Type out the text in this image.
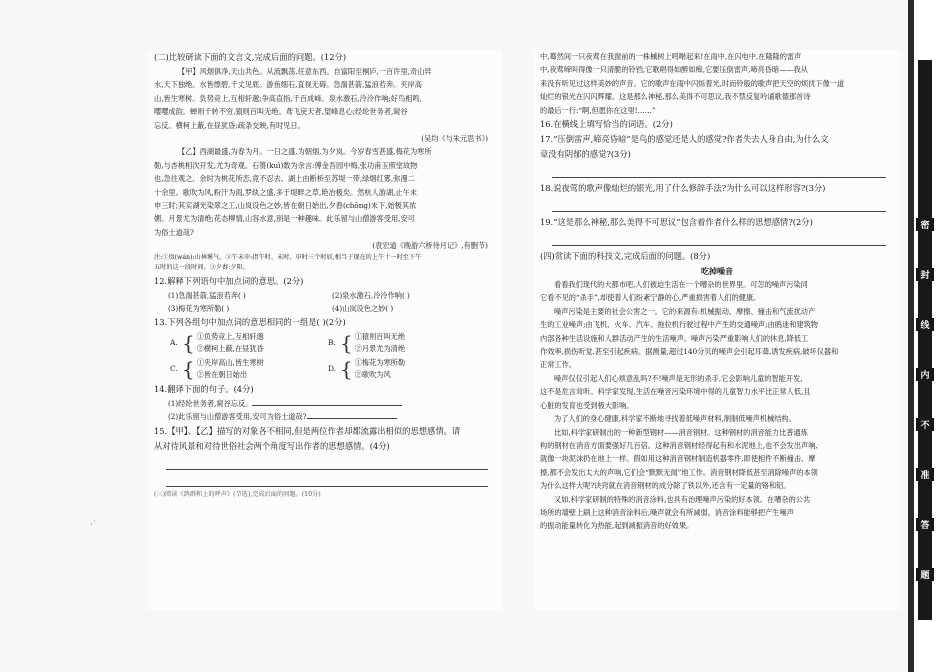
(二)比较研读下面的文言文,完成后面的问题。(12分)
【甲】风烟俱净,天山共色。从流飘荡,任意东西。自富阳至桐庐,一百许里,奇山异
水,天下独绝。水皆缥碧,千丈见底。游鱼细石,直视无碍。急湍甚箭,猛浪若奔。夹岸高
山,皆生寒树。负势竞上,互相轩邈;争高直指,千百成峰。泉水激石,泠泠作响;好鸟相鸣,
嘤嘤成韵。蝉则千转不穷,猿则百叫无绝。鸢飞戾天者,望峰息心;经纶世务者,窥谷
忘反。横柯上蔽,在昼犹昏;疏条交映,有时见日。
(吴均《与朱元思书》)
【乙】西湖最盛,为春为月。一日之盛,为朝烟,为夕岚。今岁春雪甚盛,梅花为寒所
勒,与杏桃相次开发,尤为奇观。石篑(kuì)数为余言:傅金吾园中梅,张功甫玉照堂故物
也,急往观之。余时为桃花所恋,竟不忍去。湖上由断桥至苏堤一带,绿烟红雾,弥漫二
十余里。歌吹为风,粉汗为雨,罗纨之盛,多于堤畔之草,艳冶极矣。然杭人游湖,止午未
申三时;其实湖光染翠之工,山岚设色之妙,皆在朝日始出,夕舂(chōng)未下,始极其浓
媚。月景尤为清绝;花态柳情,山容水意,别是一种趣味。此乐留与山僧游客受用,安可
为俗士道哉?
(袁宏道《晚游六桥待月记》,有删节)
注:①岚(wán):山林雾气。②午未申:指午时、未时、申时三个时辰,相当于现在的上午十一时至下午
五时的这一段时间。③夕舂:夕阳。
12.解释下列语句中加点词的意思。(2分)
(1)急湍甚箭,猛浪若奔( )	(2)泉水激石,泠泠作响( )
(3)梅花为寒所勒( )	(4)山岚设色之妙( )
13.下列各组句中加点词的意思相同的一组是( )(2分)
A. { ①负势竞上,互相轩邈
②横柯上蔽,在昼犹昏
B. { ①猿则百叫无绝
②月景尤为清绝
C. { ①夹岸高山,皆生寒树
②皆在朝日始出
D. { ①梅花为寒所勒
②歌吹为风
14.翻译下面的句子。(4分)
(1)经纶世务者,窥谷忘反。
(2)此乐留与山僧游客受用,安可为俗士道哉?
15.【甲】、【乙】描写的对象各不相同,但是两位作者却都流露出相似的思想感情。请
从对待风景和对待世俗社会两个角度写出作者的思想感情。(4分)
(三)阅读《鸽群和上的呼声》(节选),完成后面的问题。(10分)
中,蓦然间一只夜莺在我窗前的一株槭树上鸣啭起来!在雨中,在闪电中,在隆隆的雷声
中,夜莺啼叫得像一只清脆的铃铛,它歌唱得如醉如痴,它要压倒雷声,啼亮昏暗——我从
来没有听见过这样美妙的声音。它的歌声在雨中闪烁着光,时而铃般的歌声把天空的烦扰下像一道
灿烂的银光在闪闪辉耀。这是那么神秘,那么美得不可思议,我不禁反复吟诵歌德那首诗
的最后一行:“啊,但愿你在这里!……”
16.在横线上填写恰当的词语。(2分)
17.“压倒雷声,啼亮昏暗”是鸟的感觉还是人的感觉?作者失去人身自由,为什么文
章没有阴郁的感觉?(3分)
18.说夜莺的歌声像灿烂的银光,用了什么修辞手法?为什么可以这样形容?(3分)
19.“这是那么神秘,那么美得不可思议”包含着作者什么样的思想感情?(2分)
(四)赏读下面的科技文,完成后面的问题。(8分)
吃掉噪音
看看我们现代的大都市吧,人们被迫生活在一个嘈杂的世界里。可怎的噪声污染同
它看不见的“杀手”,却使着人们纷紊宁静的心,严重损害着人们的健康。
噪声污染是主要的社会公害之一。它的来源有:机械振动、摩擦、撞击和气流扰动产
生的工业噪声;由飞机、火车、汽车、拖拉机行驶过程中产生的交通噪声;由鸥迷和建筑物
内部各种生活设施和人群活动产生的生活噪声。噪声污染严重影响人们的休息,降低工
作效率,损伤听觉,甚至引起疾病。据测量,超过140分贝的噪声会引起耳聋,诱发疾病,破坏仪器和
正常工作。
噪声仅仅引起人们心烦意乱吗?不!噪声是无形的杀手,它会影响儿童的智能开发,
这不是危言耸听。科学家发现,生活在噪音污染环境中得的儿童智力水平比正常人低,且
心脏的发育也受到极大影响。
为了人们的身心健康,科学家不断地寻找着低噪声材料,制制低噪声机械结构。
比如,科学家研制出的一种新型钢材——消音钢材。这种钢材的消音能力比普通炼
构的钢材在消音方面要强好几百倍。这种消音钢材经得起有和水泥地上,也不会发出声响,
就像一块泥沫扔在地上一样。假如用这种消音钢材制造机器零件,即使相件不断撞击、摩
擦,都不会发出太大的声响,它们会“默默无闻”地工作。消音钢材降低甚至消除噪声的本领
为什么这样大呢?诀窍就在消音钢材的成分除了铁以外,还含有一定量的铬和铝。
又如,科学家研制的特殊的消音涂料,也具有治理噪声污染的好本领。在嘈杂的公共
场所的墙壁上刷上这种消音涂料后,噪声就会有所减弱。消音涂料能够把产生噪声
的振动能量转化为热能,起到减振消音的好效果。
密
封
线
内
不
准
答
题
·˙
